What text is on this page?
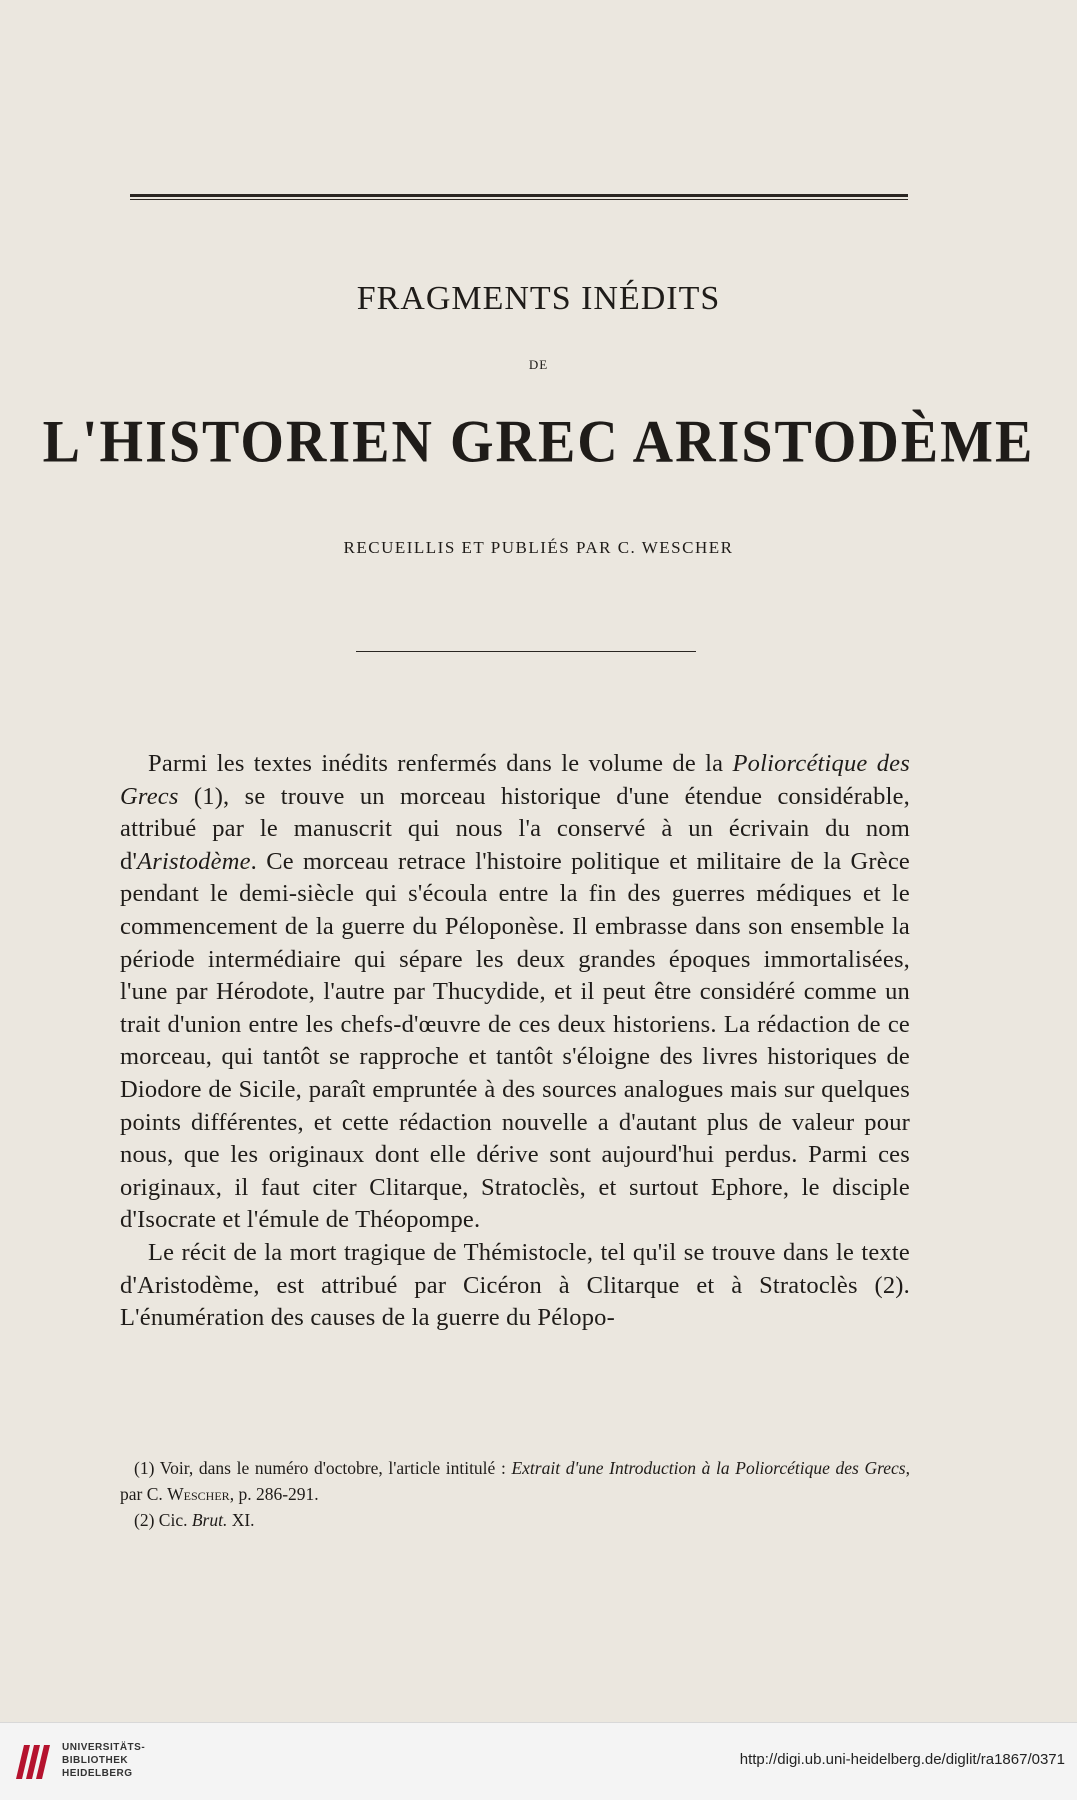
FRAGMENTS INÉDITS
DE
L'HISTORIEN GREC ARISTODÈME
RECUEILLIS ET PUBLIÉS PAR C. WESCHER

Parmi les textes inédits renfermés dans le volume de la Poliorcétique des Grecs (1), se trouve un morceau historique d'une étendue considérable, attribué par le manuscrit qui nous l'a conservé à un écrivain du nom d'Aristodème. Ce morceau retrace l'histoire politique et militaire de la Grèce pendant le demi-siècle qui s'écoula entre la fin des guerres médiques et le commencement de la guerre du Péloponèse. Il embrasse dans son ensemble la période intermédiaire qui sépare les deux grandes époques immortalisées, l'une par Hérodote, l'autre par Thucydide, et il peut être considéré comme un trait d'union entre les chefs-d'œuvre de ces deux historiens. La rédaction de ce morceau, qui tantôt se rapproche et tantôt s'éloigne des livres historiques de Diodore de Sicile, paraît empruntée à des sources analogues mais sur quelques points différentes, et cette rédaction nouvelle a d'autant plus de valeur pour nous, que les originaux dont elle dérive sont aujourd'hui perdus. Parmi ces originaux, il faut citer Clitarque, Stratoclès, et surtout Ephore, le disciple d'Isocrate et l'émule de Théopompe.

Le récit de la mort tragique de Thémistocle, tel qu'il se trouve dans le texte d'Aristodème, est attribué par Cicéron à Clitarque et à Stratoclès (2). L'énumération des causes de la guerre du Pélopo-

(1) Voir, dans le numéro d'octobre, l'article intitulé : Extrait d'une Introduction à la Poliorcétique des Grecs, par C. Wescher, p. 286-291.

(2) Cic. Brut. XI.

UNIVERSITÄTS-
BIBLIOTHEK
HEIDELBERG
http://digi.ub.uni-heidelberg.de/diglit/ra1867/0371
